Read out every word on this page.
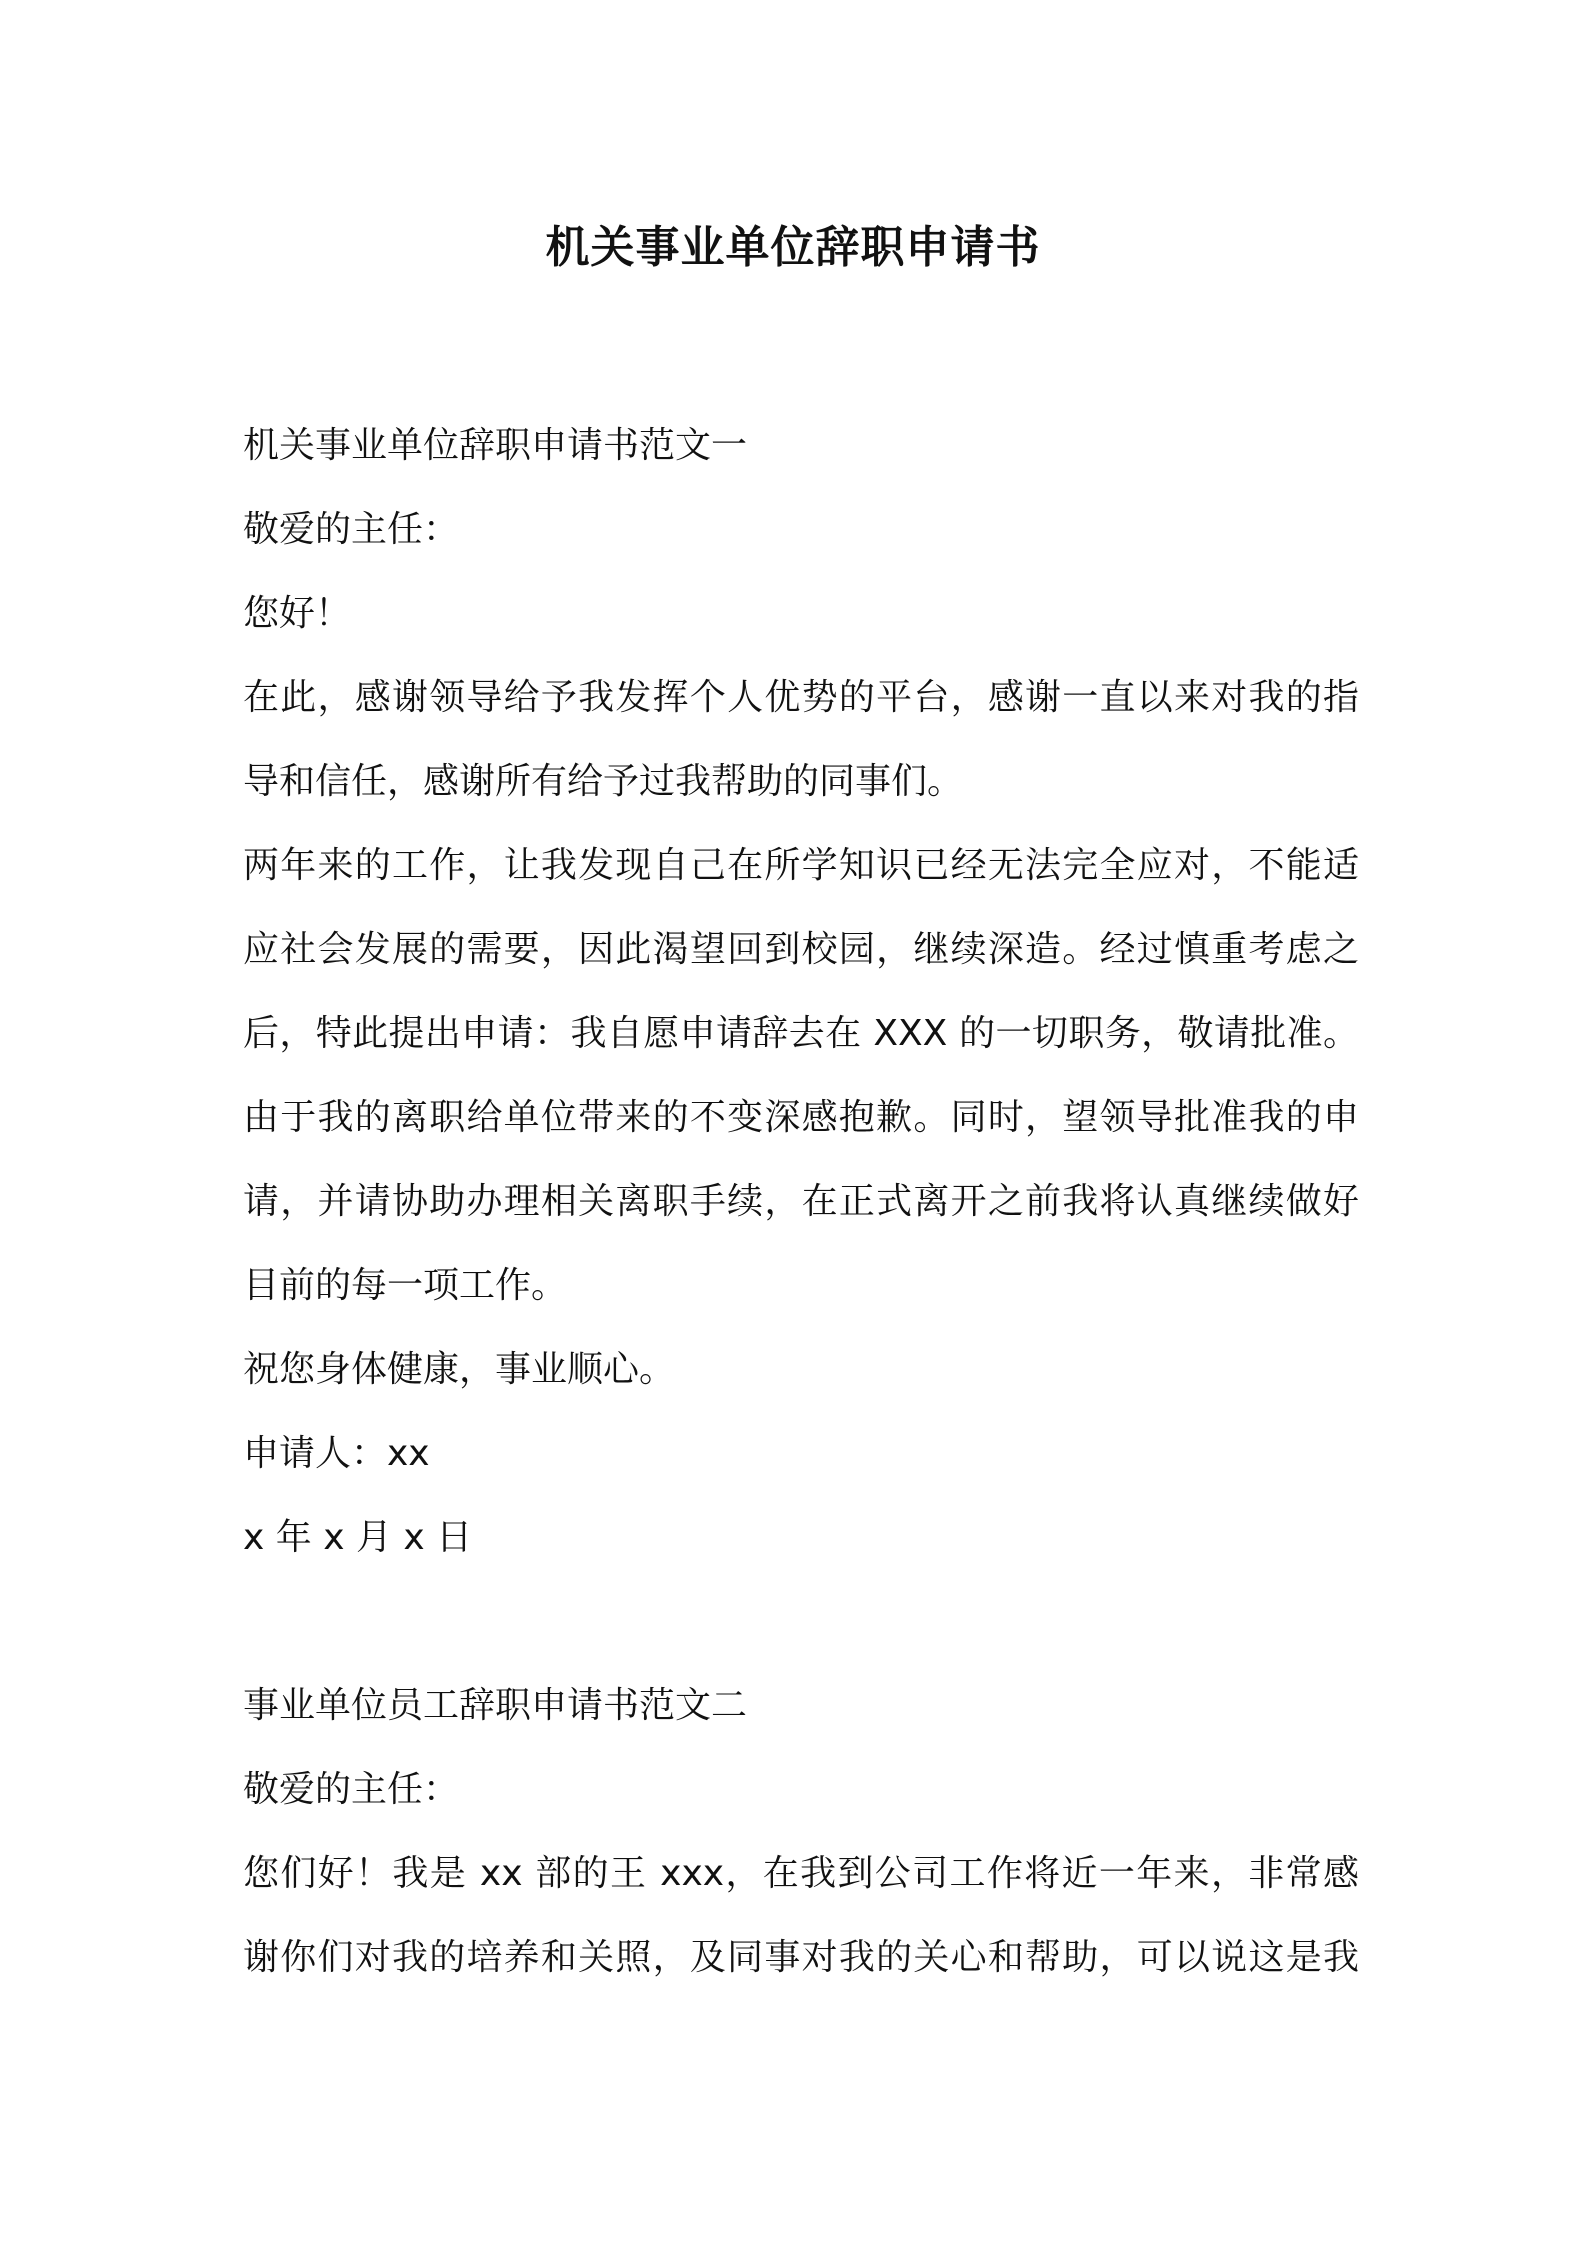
机关事业单位辞职申请书
机关事业单位辞职申请书范文一
敬爱的主任：
您好！
在此，感谢领导给予我发挥个人优势的平台，感谢一直以来对我的指
导和信任，感谢所有给予过我帮助的同事们。
两年来的工作，让我发现自己在所学知识已经无法完全应对，不能适
应社会发展的需要，因此渴望回到校园，继续深造。经过慎重考虑之
后，特此提出申请：我自愿申请辞去在 XXX 的一切职务，敬请批准。
由于我的离职给单位带来的不变深感抱歉。同时，望领导批准我的申
请，并请协助办理相关离职手续，在正式离开之前我将认真继续做好
目前的每一项工作。
祝您身体健康，事业顺心。
申请人：xx
x 年 x 月 x 日
事业单位员工辞职申请书范文二
敬爱的主任：
您们好！我是 xx 部的王 xxx，在我到公司工作将近一年来，非常感
谢你们对我的培养和关照，及同事对我的关心和帮助，可以说这是我
